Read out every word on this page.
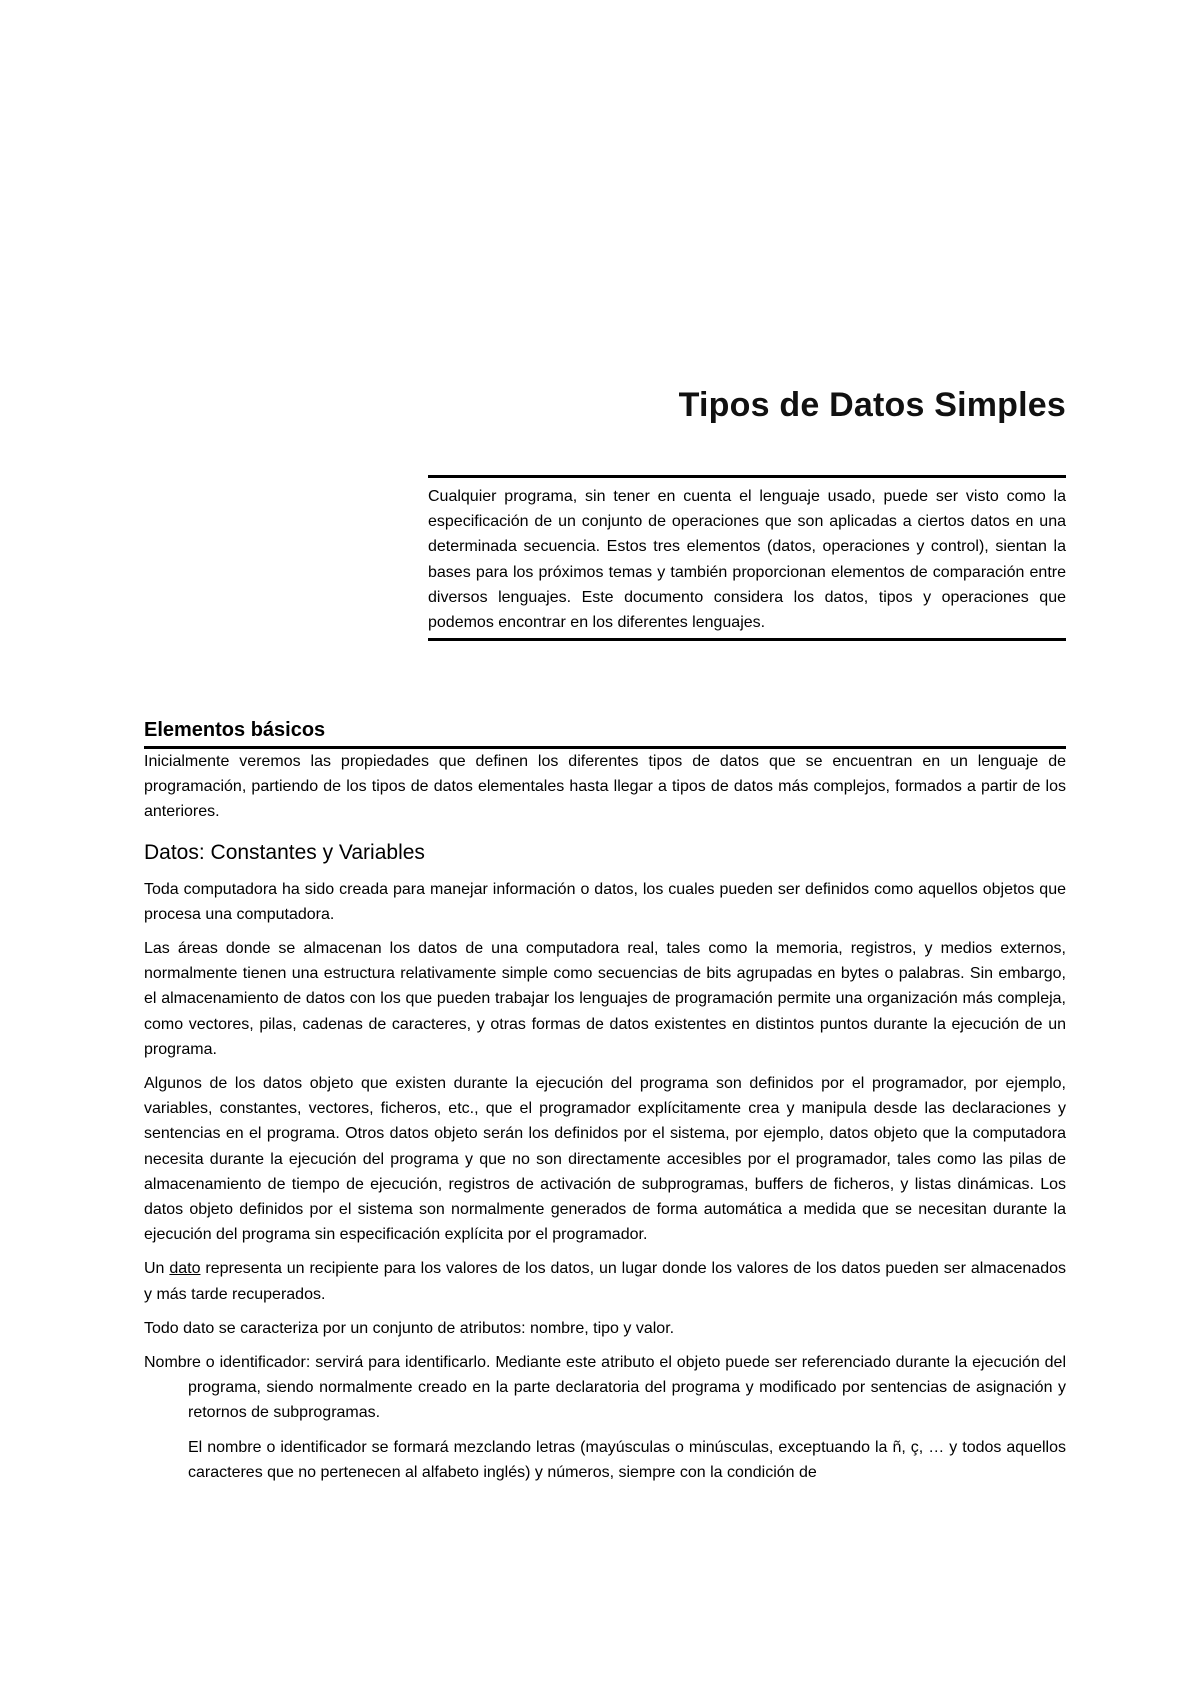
Tipos de Datos Simples

Cualquier programa, sin tener en cuenta el lenguaje usado, puede ser visto como la especificación de un conjunto de operaciones que son aplicadas a ciertos datos en una determinada secuencia. Estos tres elementos (datos, operaciones y control), sientan la bases para los próximos temas y también proporcionan elementos de comparación entre diversos lenguajes. Este documento considera los datos, tipos y operaciones que podemos encontrar en los diferentes lenguajes.

Elementos básicos

Inicialmente veremos las propiedades que definen los diferentes tipos de datos que se encuentran en un lenguaje de programación, partiendo de los tipos de datos elementales hasta llegar a tipos de datos más complejos, formados a partir de los anteriores.

Datos: Constantes y Variables

Toda computadora ha sido creada para manejar información o datos, los cuales pueden ser definidos como aquellos objetos que procesa una computadora.

Las áreas donde se almacenan los datos de una computadora real, tales como la memoria, registros, y medios externos, normalmente tienen una estructura relativamente simple como secuencias de bits agrupadas en bytes o palabras. Sin embargo, el almacenamiento de datos con los que pueden trabajar los lenguajes de programación permite una organización más compleja, como vectores, pilas, cadenas de caracteres, y otras formas de datos existentes en distintos puntos durante la ejecución de un programa.

Algunos de los datos objeto que existen durante la ejecución del programa son definidos por el programador, por ejemplo, variables, constantes, vectores, ficheros, etc., que el programador explícitamente crea y manipula desde las declaraciones y sentencias en el programa. Otros datos objeto serán los definidos por el sistema, por ejemplo, datos objeto que la computadora necesita durante la ejecución del programa y que no son directamente accesibles por el programador, tales como las pilas de almacenamiento de tiempo de ejecución, registros de activación de subprogramas, buffers de ficheros, y listas dinámicas. Los datos objeto definidos por el sistema son normalmente generados de forma automática a medida que se necesitan durante la ejecución del programa sin especificación explícita por el programador.

Un dato representa un recipiente para los valores de los datos, un lugar donde los valores de los datos pueden ser almacenados y más tarde recuperados.

Todo dato se caracteriza por un conjunto de atributos: nombre, tipo y valor.

Nombre o identificador: servirá para identificarlo. Mediante este atributo el objeto puede ser referenciado durante la ejecución del programa, siendo normalmente creado en la parte declaratoria del programa y modificado por sentencias de asignación y retornos de subprogramas.

El nombre o identificador se formará mezclando letras (mayúsculas o minúsculas, exceptuando la ñ, ç, … y todos aquellos caracteres que no pertenecen al alfabeto inglés) y números, siempre con la condición de
